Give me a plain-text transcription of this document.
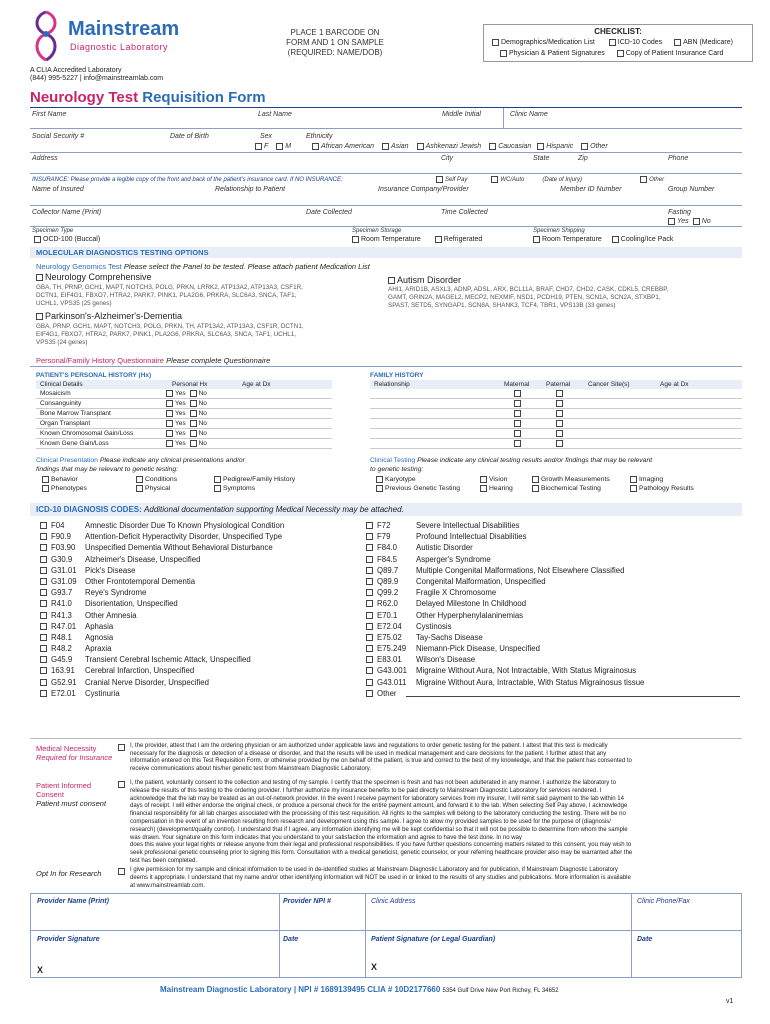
Mainstream
Diagnostic Laboratory
PLACE 1 BARCODE ON
FORM AND 1 ON SAMPLE
(REQUIRED: NAME/DOB)
CHECKLIST:
Demographics/Medication List	ICD-10 Codes	ABN (Medicare)
Physician & Patient Signatures	Copy of Patient Insurance Card
A CLIA Accredited Laboratory
(844) 995-5227 | info@mainstreamlab.com
Neurology Test Requisition Form
First Name	Last Name	Middle Initial	Clinic Name
Social Security #	Date of Birth	Sex
F M
Ethnicity
African American Asian Ashkenazi Jewish Caucasian Hispanic Other
Address	City	State	Zip	Phone
INSURANCE: Please provide a legible copy of the front and back of the patient's insurance card. If NO INSURANCE:	Self Pay	WC/Auto	(Date of Injury)	Other
Name of Insured	Relationship to Patient	Insurance Company/Provider	Member ID Number	Group Number
Collector Name (Print)	Date Collected	Time Collected	Fasting
Yes No
Specimen Type
OCD-100 (Buccal)
Specimen Storage
Room Temperature	Refrigerated
Specimen Shipping
Room Temperature	Cooling/Ice Pack
MOLECULAR DIAGNOSTICS TESTING OPTIONS
Neurology Genomics Test Please select the Panel to be tested. Please attach patient Medication List
Neurology Comprehensive
GBA, TH, PRNP, GCH1, MAPT, NOTCH3, POLG, PRKN, LRRK2, ATP13A2, ATP13A3, CSF1R,
DCTN1, EIF4G1, FBXO7, HTRA2, PARK7, PINK1, PLA2G6, PRKRA, SLC6A3, SNCA, TAF1,
UCHL1, VPS35 (25 genes)
Autism Disorder
AHI1, ARID1B, ASXL3, ADNP, ADSL, ARX, BCL11A, BRAF, CHD7, CHD2, CASK, CDKL5, CREBBP,
GAMT, GRIN2A, MAGEL2, MECP2, NEXMIF, NSD1, PCDH19, PTEN, SCN1A, SCN2A, STXBP1,
SPAST, SETD5, SYNGAP1, SCN8A, SHANK3, TCF4, TBR1, VPS13B (33 genes)
Parkinson's-Alzheimer's-Dementia
GBA, PRNP, GCH1, MAPT, NOTCH3, POLG, PRKN, TH, ATP13A2, ATP13A3, CSF1R, DCTN1,
EIF4G1, FBXO7, HTRA2, PARK7, PINK1, PLA2G6, PRKRA, SLC6A3, SNCA, TAF1, UCHL1,
VPS35 (24 genes)
Personal/Family History Questionnaire Please complete Questionnaire
PATIENT'S PERSONAL HISTORY (Hx)
Clinical Details	Personal Hx	Age at Dx
Mosaicism	Yes No
Consanguinity	Yes No
Bone Marrow Transplant	Yes No
Organ Transplant	Yes No
Known Chromosomal Gain/Loss	Yes No
Known Gene Gain/Loss	Yes No
FAMILY HISTORY
Relationship	Maternal	Paternal	Cancer Site(s)	Age at Dx
Clinical Presentation Please indicate any clinical presentations and/or
findings that may be relevant to genetic testing:
Behavior	Conditions	Pedigree/Family History
Phenotypes	Physical	Symptoms
Clinical Testing Please indicate any clinical testing results and/or findings that may be relevant
to genetic testing:
Karyotype	Vision	Growth Measurements	Imaging
Previous Genetic Testing	Hearing	Biochemical Testing	Pathology Results
ICD-10 DIAGNOSIS CODES: Additional documentation supporting Medical Necessity may be attached.
F04	Amnestic Disorder Due To Known Physiological Condition
F90.9 Attention-Deficit Hyperactivity Disorder, Unspecified Type
F03.90 Unspecified Dementia Without Behavioral Disturbance
G30.9 Alzheimer's Disease, Unspecified
G31.01 Pick's Disease
G31.09 Other Frontotemporal Dementia
G93.7 Reye's Syndrome
R41.0 Disorientation, Unspecified
R41.3 Other Amnesia
R47.01 Aphasia
R48.1 Agnosia
R48.2 Apraxia
G45.9 Transient Cerebral Ischemic Attack, Unspecified
163.91 Cerebral Infarction, Unspecified
G52.91 Cranial Nerve Disorder, Unspecified
E72.01 Cystinuria
F72	Severe Intellectual Disabilities
F79	Profound Intellectual Disabilities
F84.0 Autistic Disorder
F84.5 Asperger's Syndrome
Q89.7 Multiple Congenital Malformations, Not Elsewhere Classified
Q89.9 Congenital Malformation, Unspecified
Q99.2 Fragile X Chromosome
R62.0 Delayed Milestone In Childhood
E70.1 Other Hyperphenylalaninemias
E72.04 Cystinosis
E75.02 Tay-Sachs Disease
E75.249 Niemann-Pick Disease, Unspecified
E83.01 Wilson's Disease
G43.001 Migraine Without Aura, Not Intractable, With Status Migrainosus
G43.011 Migraine Without Aura, Intractable, With Status Migrainosus tissue
Other
Medical Necessity
Required for Insurance
I, the provider, attest that I am the ordering physician or am authorized under applicable laws and regulations to order genetic testing for the patient. I attest that this test is medically
necessary for the diagnosis or detection of a disease or disorder, and that the results will be used in medical management and care decisions for the patient. I further attest that any
information entered on this Test Requisition Form, or otherwise provided by me on behalf of the patient, is true and correct to the best of my knowledge, and that the patient has consented to
receive communications about his/her genetic test from Mainstream Diagnostic Laboratory.
Patient Informed
Consent
Patient must consent
I, the patient, voluntarily consent to the collection and testing of my sample. I certify that the specimen is fresh and has not been adulterated in any manner. I authorize the laboratory to
release the results of this testing to the ordering provider. I further authorize my insurance benefits to be paid directly to Mainstream Diagnostic Laboratory for services rendered. I
acknowledge that the lab may be treated as an out-of-network provider. In the event I receive payment for laboratory services from my insurer, I will remit said payment to the lab within 14
days of receipt. I will either endorse the original check, or produce a personal check for the entire payment amount, and forward it to the lab. When selecting Self Pay above, I acknowledge
financial responsibility for all lab charges associated with the processing of this test requisition. All rights to the samples will belong to the laboratory conducting the testing. There will be no
compensation in the event of an invention resulting from research and development using this sample. I agree to allow my provided samples to be used for the purpose of (diagnosis/
research) (development/quality control). I understand that if I agree, any information identifying me will be kept confidential so that it will not be possible to determine from whom the sample
was drawn. Your signature on this form indicates that you understand to your satisfaction the information and agree to have the test done. In no way
does this waive your legal rights or release anyone from their legal and professional responsibilities. If you have further questions concerning matters related to this consent, you may wish to
seek professional genetic counseling prior to signing this form. Consultation with a medical geneticist, genetic counselor, or your referring healthcare provider also may be warranted after the
test has been completed.
Opt In for Research	I give permission for my sample and clinical information to be used in de-identified studies at Mainstream Diagnostic Laboratory and for publication, if Mainstream Diagnostic Laboratory
deems it appropriate. I understand that my name and/or other identifying information will NOT be used in or linked to the results of any studies and publications. More information is available
at www.mainstreamlab.com.
Provider Name (Print)	Provider NPI #	Clinic Address	Clinic Phone/Fax
Provider Signature	Date	Patient Signature (or Legal Guardian)	Date
X	X
Mainstream Diagnostic Laboratory | NPI # 1689139495 CLIA # 10D2177660 5354 Gulf Drive New Port Richey, FL 34652
v1
